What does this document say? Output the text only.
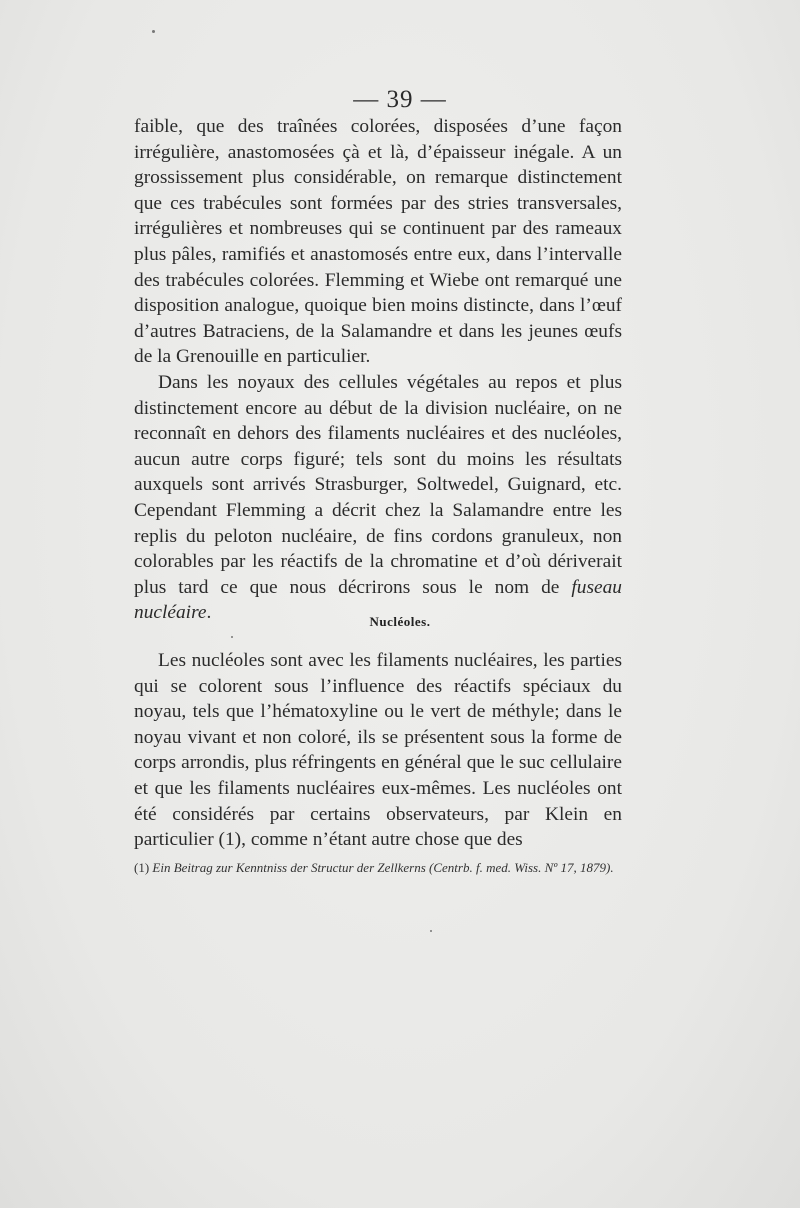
— 39 —

faible, que des traînées colorées, disposées d’une façon irrégulière, anastomosées çà et là, d’épaisseur inégale. A un grossissement plus considérable, on remarque distinctement que ces trabécules sont formées par des stries transversales, irrégulières et nombreuses qui se continuent par des rameaux plus pâles, ramifiés et anastomosés entre eux, dans l’intervalle des trabécules colorées. Flemming et Wiebe ont remarqué une disposition analogue, quoique bien moins distincte, dans l’œuf d’autres Batraciens, de la Salamandre et dans les jeunes œufs de la Grenouille en particulier.

Dans les noyaux des cellules végétales au repos et plus distinctement encore au début de la division nucléaire, on ne reconnaît en dehors des filaments nucléaires et des nucléoles, aucun autre corps figuré; tels sont du moins les résultats auxquels sont arrivés Strasburger, Soltwedel, Guignard, etc. Cependant Flemming a décrit chez la Salamandre entre les replis du peloton nucléaire, de fins cordons granuleux, non colorables par les réactifs de la chromatine et d’où dériverait plus tard ce que nous décrirons sous le nom de fuseau nucléaire.	Nucléoles.

Les nucléoles sont avec les filaments nucléaires, les parties qui se colorent sous l’influence des réactifs spéciaux du noyau, tels que l’hématoxyline ou le vert de méthyle; dans le noyau vivant et non coloré, ils se présentent sous la forme de corps arrondis, plus réfringents en général que le suc cellulaire et que les filaments nucléaires eux-mêmes. Les nucléoles ont été considérés par certains observateurs, par Klein en particulier (1), comme n’étant autre chose que des

(1) Ein Beitrag zur Kenntniss der Structur der Zellkerns (Centrb. f. med. Wiss. Nº 17, 1879).
